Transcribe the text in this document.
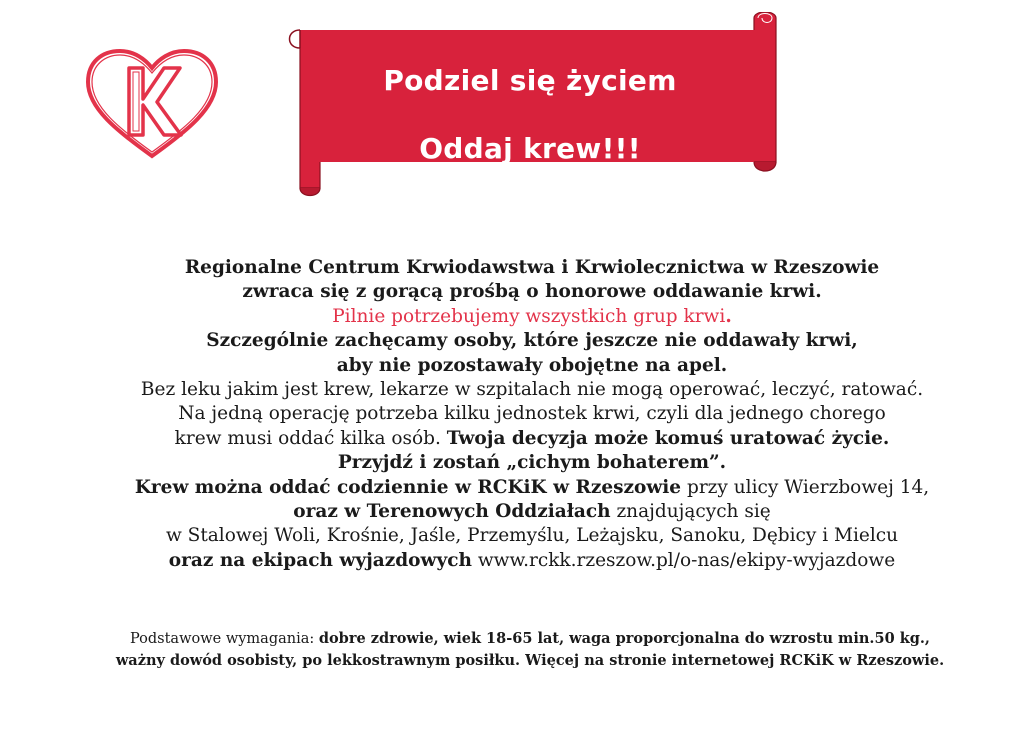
Podziel się życiem
Oddaj krew!!!
Regionalne Centrum Krwiodawstwa i Krwiolecznictwa w Rzeszowie
zwraca się z gorącą prośbą o honorowe oddawanie krwi.
Pilnie potrzebujemy wszystkich grup krwi.
Szczególnie zachęcamy osoby, które jeszcze nie oddawały krwi,
aby nie pozostawały obojętne na apel.
Bez leku jakim jest krew, lekarze w szpitalach nie mogą operować, leczyć, ratować.
Na jedną operację potrzeba kilku jednostek krwi, czyli dla jednego chorego
krew musi oddać kilka osób. Twoja decyzja może komuś uratować życie.
Przyjdź i zostań „cichym bohaterem”.
Krew można oddać codziennie w RCKiK w Rzeszowie przy ulicy Wierzbowej 14,
oraz w Terenowych Oddziałach znajdujących się
w Stalowej Woli, Krośnie, Jaśle, Przemyślu, Leżajsku, Sanoku, Dębicy i Mielcu
oraz na ekipach wyjazdowych www.rckk.rzeszow.pl/o-nas/ekipy-wyjazdowe
Podstawowe wymagania: dobre zdrowie, wiek 18-65 lat, waga proporcjonalna do wzrostu min.50 kg.,
ważny dowód osobisty, po lekkostrawnym posiłku. Więcej na stronie internetowej RCKiK w Rzeszowie.
